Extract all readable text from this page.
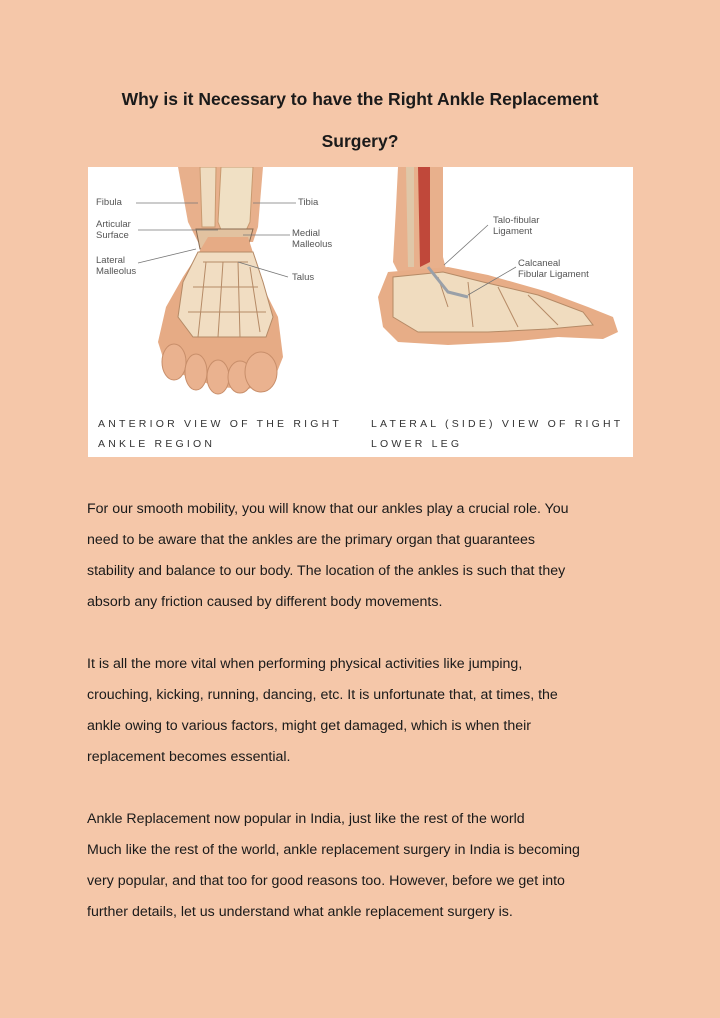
Why is it Necessary to have the Right Ankle Replacement
Surgery?
Fibula	Tibia
Articular
Surface	Medial
Malleolus
Lateral
Malleolus
Talus
Talo-fibular
Ligament
Calcaneal
Fibular Ligament
ANTERIOR VIEW OF THE RIGHT
ANKLE REGION
LATERAL (SIDE) VIEW OF RIGHT
LOWER LEG
For our smooth mobility, you will know that our ankles play a crucial role. You
need to be aware that the ankles are the primary organ that guarantees
stability and balance to our body. The location of the ankles is such that they
absorb any friction caused by different body movements.
It is all the more vital when performing physical activities like jumping,
crouching, kicking, running, dancing, etc. It is unfortunate that, at times, the
ankle owing to various factors, might get damaged, which is when their
replacement becomes essential.
Ankle Replacement now popular in India, just like the rest of the world
Much like the rest of the world, ankle replacement surgery in India is becoming
very popular, and that too for good reasons too. However, before we get into
further details, let us understand what ankle replacement surgery is.
